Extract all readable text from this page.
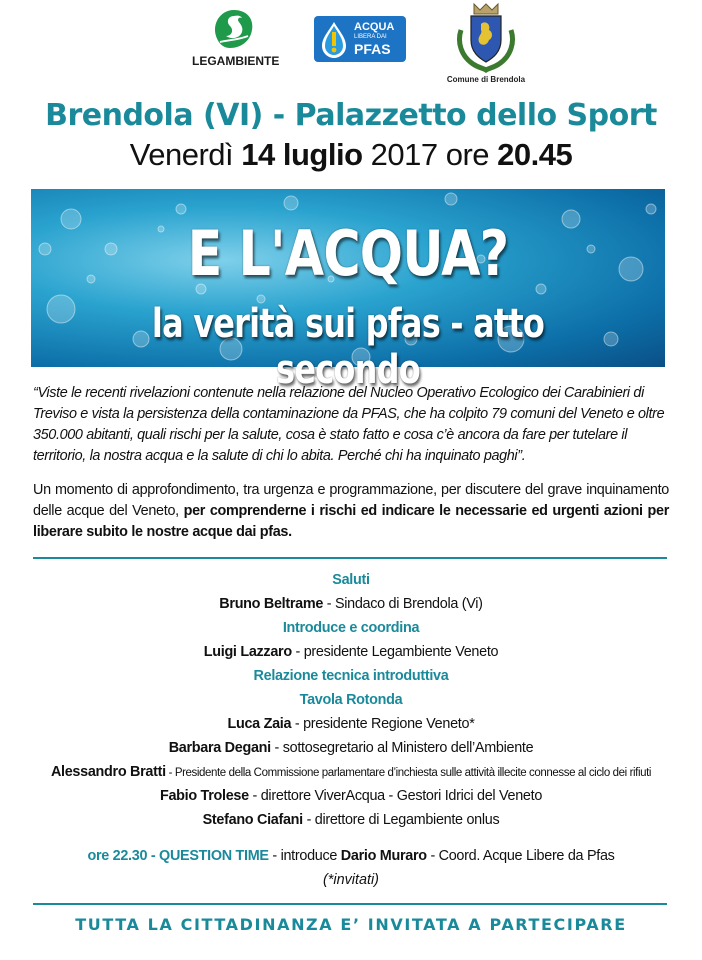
LEGAMBIENTE
ACQUA
LIBERA DAI
PFAS
Comune di Brendola
Brendola (VI) - Palazzetto dello Sport
Venerdì 14 luglio 2017 ore 20.45
E L'ACQUA?
la verità sui pfas - atto secondo
“Viste le recenti rivelazioni contenute nella relazione del Nucleo Operativo Ecologico dei Carabinieri di Treviso e vista la persistenza della contaminazione da PFAS, che ha colpito 79 comuni del Veneto e oltre 350.000 abitanti, quali rischi per la salute, cosa è stato fatto e cosa c’è ancora da fare per tutelare il territorio, la nostra acqua e la salute di chi lo abita. Perché chi ha inquinato paghi”.
Un momento di approfondimento, tra urgenza e programmazione, per discutere del grave inquinamento delle acque del Veneto, per comprenderne i rischi ed indicare le necessarie ed urgenti azioni per liberare subito le nostre acque dai pfas.
Saluti
Bruno Beltrame - Sindaco di Brendola (Vi)
Introduce e coordina
Luigi Lazzaro - presidente Legambiente Veneto
Relazione tecnica introduttiva
Tavola Rotonda
Luca Zaia - presidente Regione Veneto*
Barbara Degani - sottosegretario al Ministero dell’Ambiente
Alessandro Bratti - Presidente della Commissione parlamentare d’inchiesta sulle attività illecite connesse al ciclo dei rifiuti
Fabio Trolese - direttore ViverAcqua - Gestori Idrici del Veneto
Stefano Ciafani - direttore di Legambiente onlus
ore 22.30 - QUESTION TIME - introduce Dario Muraro - Coord. Acque Libere da Pfas
(*invitati)
TUTTA LA CITTADINANZA E’ INVITATA A PARTECIPARE
